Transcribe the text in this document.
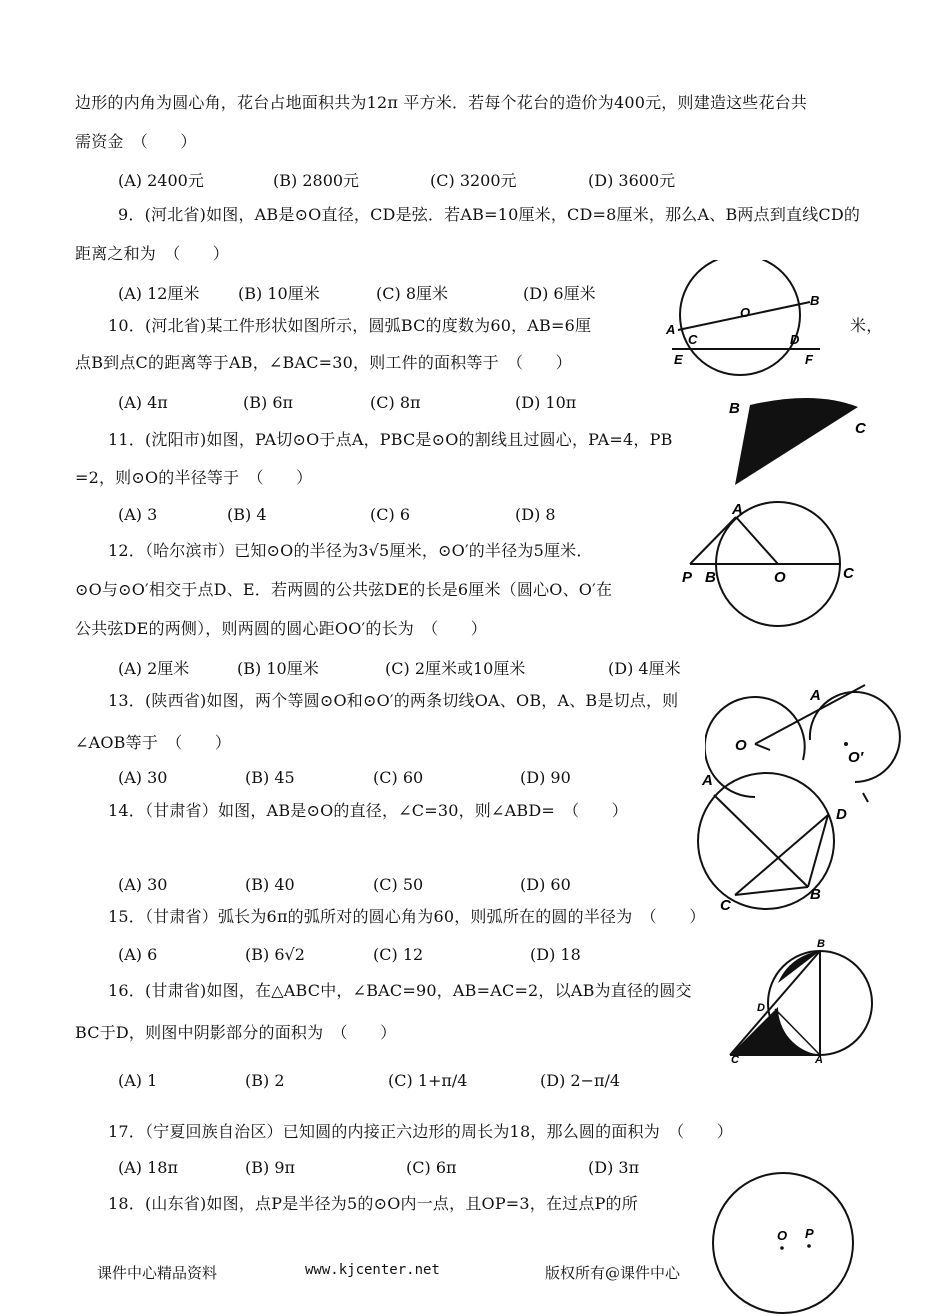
边形的内角为圆心角，花台占地面积共为12π 平方米．若每个花台的造价为400元，则建造这些花台共
需资金　（　　）
(A) 2400元	(B) 2800元	(C) 3200元	(D) 3600元
9．(河北省)如图，AB是⊙O直径，CD是弦．若AB=10厘米，CD=8厘米，那么A、B两点到直线CD的
距离之和为　（　　）
(A) 12厘米 (B) 10厘米	(C) 8厘米	(D) 6厘米
10．(河北省)某工件形状如图所示，圆弧BC的度数为60，AB=6厘	米，
点B到点C的距离等于AB，∠BAC=30，则工件的面积等于　（　　）
(A) 4π	(B) 6π	(C) 8π	(D) 10π
11．(沈阳市)如图，PA切⊙O于点A，PBC是⊙O的割线且过圆心，PA=4，PB
=2，则⊙O的半径等于　（　　）
(A) 3	(B) 4	(C) 6	(D) 8
12．（哈尔滨市）已知⊙O的半径为3√5厘米，⊙O′的半径为5厘米．
⊙O与⊙O′相交于点D、E．若两圆的公共弦DE的长是6厘米（圆心O、O′在
公共弦DE的两侧），则两圆的圆心距OO′的长为　（　　）
(A) 2厘米	(B) 10厘米	(C) 2厘米或10厘米	(D) 4厘米
13．(陕西省)如图，两个等圆⊙O和⊙O′的两条切线OA、OB，A、B是切点，则
∠AOB等于　（　　）
(A) 30	(B) 45	(C) 60	(D) 90
14．（甘肃省）如图，AB是⊙O的直径，∠C=30，则∠ABD=　（　　）
(A) 30	(B) 40	(C) 50	(D) 60
15．（甘肃省）弧长为6π的弧所对的圆心角为60，则弧所在的圆的半径为　（　　）
(A) 6	(B) 6√2	(C) 12	(D) 18
16．(甘肃省)如图，在△ABC中，∠BAC=90，AB=AC=2，以AB为直径的圆交
BC于D，则图中阴影部分的面积为　（　　）
(A) 1	(B) 2	(C) 1+π/4	(D) 2−π/4
17．（宁夏回族自治区）已知圆的内接正六边形的周长为18，那么圆的面积为　（　　）
(A) 18π	(B) 9π	(C) 6π	(D) 3π
18．(山东省)如图，点P是半径为5的⊙O内一点，且OP=3，在过点P的所
A
B
C	D
E	F
O
B
C
A
P B	O	C
A
O
O′
A
D
B
C
B
D
C	A
O P
课件中心精品资料	www.kjcenter.net	版权所有@课件中心
